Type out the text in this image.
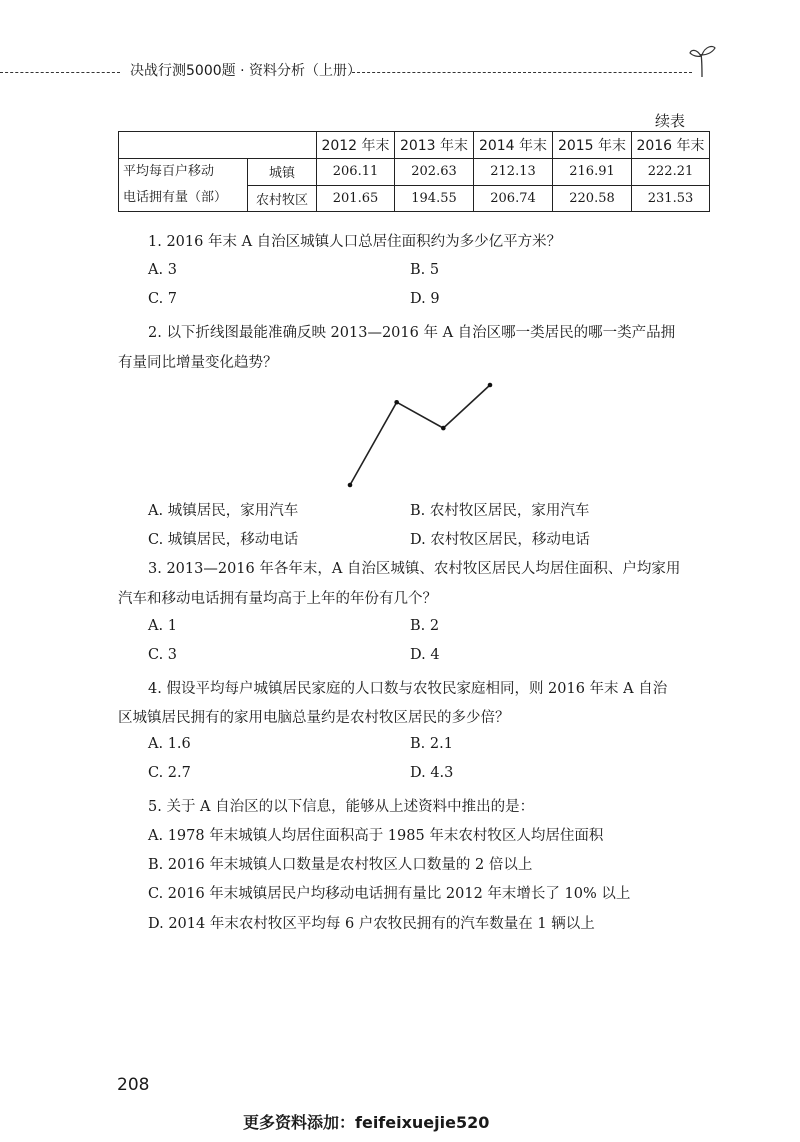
决战行测5000题 · 资料分析（上册）
续表
		2012 年末	2013 年末	2014 年末	2015 年末	2016 年末

平均每百户移动
电话拥有量（部）	城镇	206.11	202.63	212.13	216.91	222.21
	农村牧区	201.65	194.55	206.74	220.58	231.53
1. 2016 年末 A 自治区城镇人口总居住面积约为多少亿平方米？
A. 3	B. 5
C. 7	D. 9
2. 以下折线图最能准确反映 2013—2016 年 A 自治区哪一类居民的哪一类产品拥
有量同比增量变化趋势？
A. 城镇居民，家用汽车	B. 农村牧区居民，家用汽车
C. 城镇居民，移动电话	D. 农村牧区居民，移动电话
3. 2013—2016 年各年末，A 自治区城镇、农村牧区居民人均居住面积、户均家用
汽车和移动电话拥有量均高于上年的年份有几个？
A. 1	B. 2
C. 3	D. 4
4. 假设平均每户城镇居民家庭的人口数与农牧民家庭相同，则 2016 年末 A 自治
区城镇居民拥有的家用电脑总量约是农村牧区居民的多少倍？
A. 1.6	B. 2.1
C. 2.7	D. 4.3
5. 关于 A 自治区的以下信息，能够从上述资料中推出的是：
A. 1978 年末城镇人均居住面积高于 1985 年末农村牧区人均居住面积
B. 2016 年末城镇人口数量是农村牧区人口数量的 2 倍以上
C. 2016 年末城镇居民户均移动电话拥有量比 2012 年末增长了 10% 以上
D. 2014 年末农村牧区平均每 6 户农牧民拥有的汽车数量在 1 辆以上
208
更多资料添加：feifeixuejie520
